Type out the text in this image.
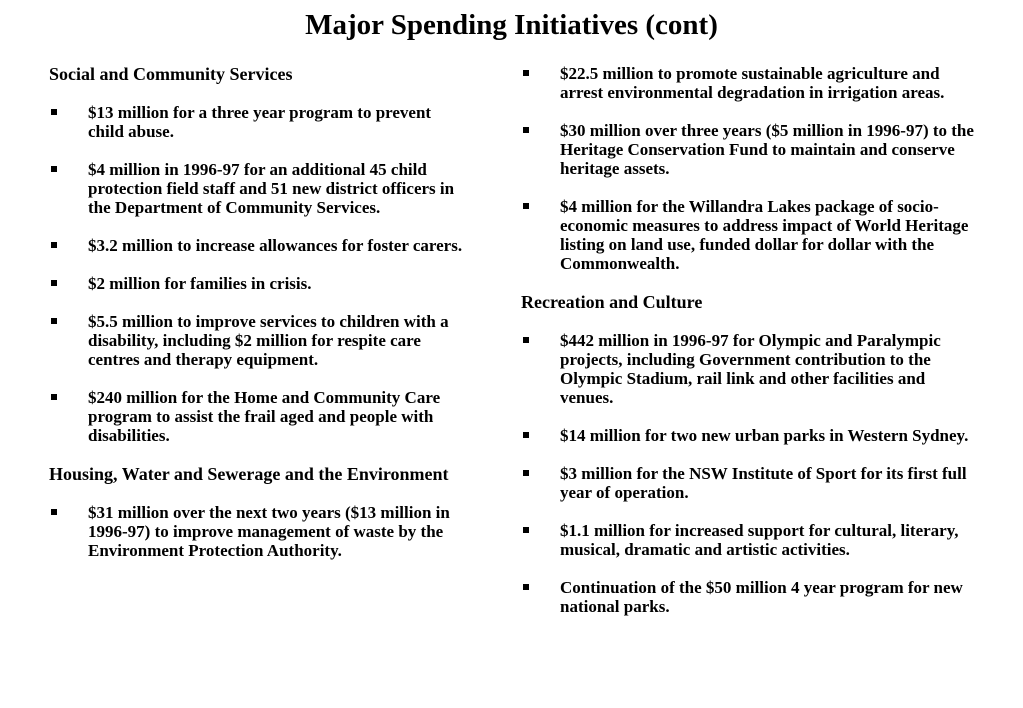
Major Spending Initiatives (cont)
Social and Community Services
$13 million for a three year program to prevent child abuse.
$4 million in 1996-97 for an additional 45 child protection field staff and 51 new district officers in the Department of Community Services.
$3.2 million to increase allowances for foster carers.
$2 million for families in crisis.
$5.5 million to improve services to children with a disability, including $2 million for respite care centres and therapy equipment.
$240 million for the Home and Community Care program to assist the frail aged and people with disabilities.
Housing, Water and Sewerage and the Environment
$31 million over the next two years ($13 million in 1996-97) to improve management of waste by the Environment Protection Authority.
$22.5 million to promote sustainable agriculture and arrest environmental degradation in irrigation areas.
$30 million over three years ($5 million in 1996-97) to the Heritage Conservation Fund to maintain and conserve heritage assets.
$4 million for the Willandra Lakes package of socio-economic measures to address impact of World Heritage listing on land use, funded dollar for dollar with the Commonwealth.
Recreation and Culture
$442 million in 1996-97 for Olympic and Paralympic projects, including Government contribution to the Olympic Stadium, rail link and other facilities and venues.
$14 million for two new urban parks in Western Sydney.
$3 million for the NSW Institute of Sport for its first full year of operation.
$1.1 million for increased support for cultural, literary, musical, dramatic and artistic activities.
Continuation of the $50 million 4 year program for new national parks.
